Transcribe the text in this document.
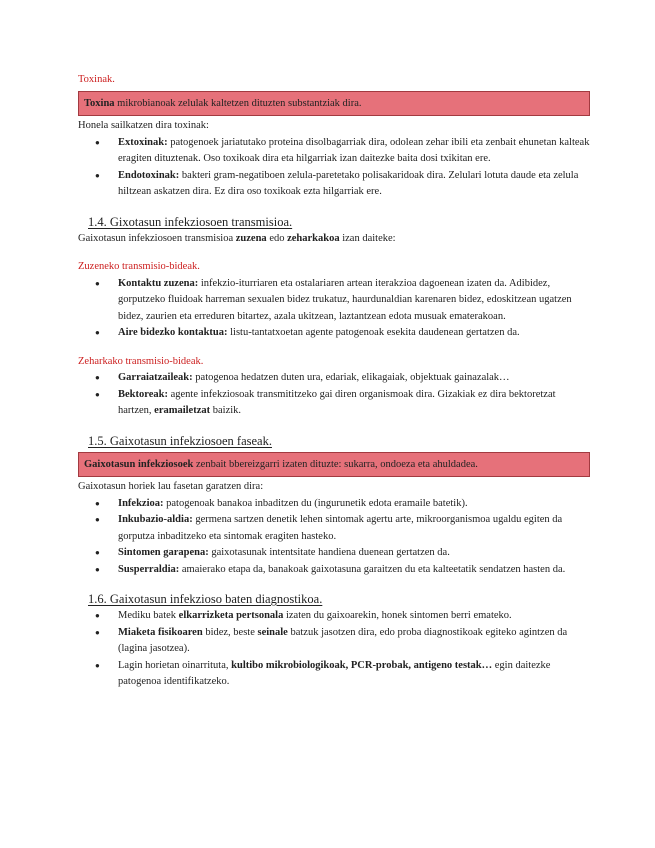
Toxinak.
Toxina mikrobianoak zelulak kaltetzen dituzten substantziak dira.
Honela sailkatzen dira toxinak:
● Extoxinak: patogenoek jariatutako proteina disolbagarriak dira, odolean zehar ibili eta zenbait ehunetan kalteak eragiten dituztenak. Oso toxikoak dira eta hilgarriak izan daitezke baita dosi txikitan ere.
● Endotoxinak: bakteri gram-negatiboen zelula-paretetako polisakaridoak dira. Zelulari lotuta daude eta zelula hiltzean askatzen dira. Ez dira oso toxikoak ezta hilgarriak ere.
1.4. Gixotasun infekziosoen transmisioa.
Gaixotasun infekziosoen transmisioa zuzena edo zeharkakoa izan daiteke:
Zuzeneko transmisio-bideak.
● Kontaktu zuzena: infekzio-iturriaren eta ostalariaren artean iterakzioa dagoenean izaten da. Adibidez, gorputzeko fluidoak harreman sexualen bidez trukatuz, haurdunaldian karenaren bidez, edoskitzean ugatzen bidez, zaurien eta erreduren bitartez, azala ukitzean, laztantzean edota musuak ematerakoan.
● Aire bidezko kontaktua: listu-tantatxoetan agente patogenoak esekita daudenean gertatzen da.
Zeharkako transmisio-bideak.
● Garraiatzaileak: patogenoa hedatzen duten ura, edariak, elikagaiak, objektuak gainazalak…
● Bektoreak: agente infekziosoak transmititzeko gai diren organismoak dira. Gizakiak ez dira bektoretzat hartzen, eramailetzat baizik.
1.5. Gaixotasun infekziosoen faseak.
Gaixotasun infekziosoek zenbait bbereizgarri izaten dituzte: sukarra, ondoeza eta ahuldadea.
Gaixotasun horiek lau fasetan garatzen dira:
● Infekzioa: patogenoak banakoa inbaditzen du (ingurunetik edota eramaile batetik).
● Inkubazio-aldia: germena sartzen denetik lehen sintomak agertu arte, mikroorganismoa ugaldu egiten da gorputza inbaditzeko eta sintomak eragiten hasteko.
● Sintomen garapena: gaixotasunak intentsitate handiena duenean gertatzen da.
● Susperraldia: amaierako etapa da, banakoak gaixotasuna garaitzen du eta kalteetatik sendatzen hasten da.
1.6. Gaixotasun infekzioso baten diagnostikoa.
● Mediku batek elkarrizketa pertsonala izaten du gaixoarekin, honek sintomen berri emateko.
● Miaketa fisikoaren bidez, beste seinale batzuk jasotzen dira, edo proba diagnostikoak egiteko agintzen da (lagina jasotzea).
● Lagin horietan oinarrituta, kultibo mikrobiologikoak, PCR-probak, antigeno testak… egin daitezke patogenoa identifikatzeko.
